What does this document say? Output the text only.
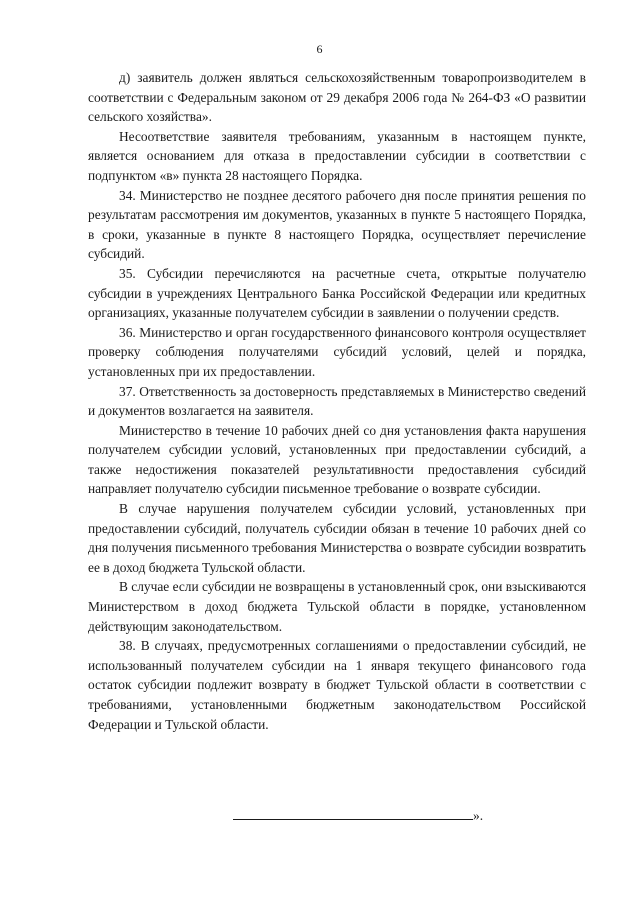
6

д) заявитель должен являться сельскохозяйственным товаропроизводителем в соответствии с Федеральным законом от 29 декабря 2006 года № 264-ФЗ «О развитии сельского хозяйства».

Несоответствие заявителя требованиям, указанным в настоящем пункте, является основанием для отказа в предоставлении субсидии в соответствии с подпунктом «в» пункта 28 настоящего Порядка.

34. Министерство не позднее десятого рабочего дня после принятия решения по результатам рассмотрения им документов, указанных в пункте 5 настоящего Порядка, в сроки, указанные в пункте 8 настоящего Порядка, осуществляет перечисление субсидий.

35. Субсидии перечисляются на расчетные счета, открытые получателю субсидии в учреждениях Центрального Банка Российской Федерации или кредитных организациях, указанные получателем субсидии в заявлении о получении средств.

36. Министерство и орган государственного финансового контроля осуществляет проверку соблюдения получателями субсидий условий, целей и порядка, установленных при их предоставлении.

37. Ответственность за достоверность представляемых в Министерство сведений и документов возлагается на заявителя.

Министерство в течение 10 рабочих дней со дня установления факта нарушения получателем субсидии условий, установленных при предоставлении субсидий, а также недостижения показателей результативности предоставления субсидий направляет получателю субсидии письменное требование о возврате субсидии.

В случае нарушения получателем субсидии условий, установленных при предоставлении субсидий, получатель субсидии обязан в течение 10 рабочих дней со дня получения письменного требования Министерства о возврате субсидии возвратить ее в доход бюджета Тульской области.

В случае если субсидии не возвращены в установленный срок, они взыскиваются Министерством в доход бюджета Тульской области в порядке, установленном действующим законодательством.

38. В случаях, предусмотренных соглашениями о предоставлении субсидий, не использованный получателем субсидии на 1 января текущего финансового года остаток субсидии подлежит возврату в бюджет Тульской области в соответствии с требованиями, установленными бюджетным законодательством Российской Федерации и Тульской области.

».
